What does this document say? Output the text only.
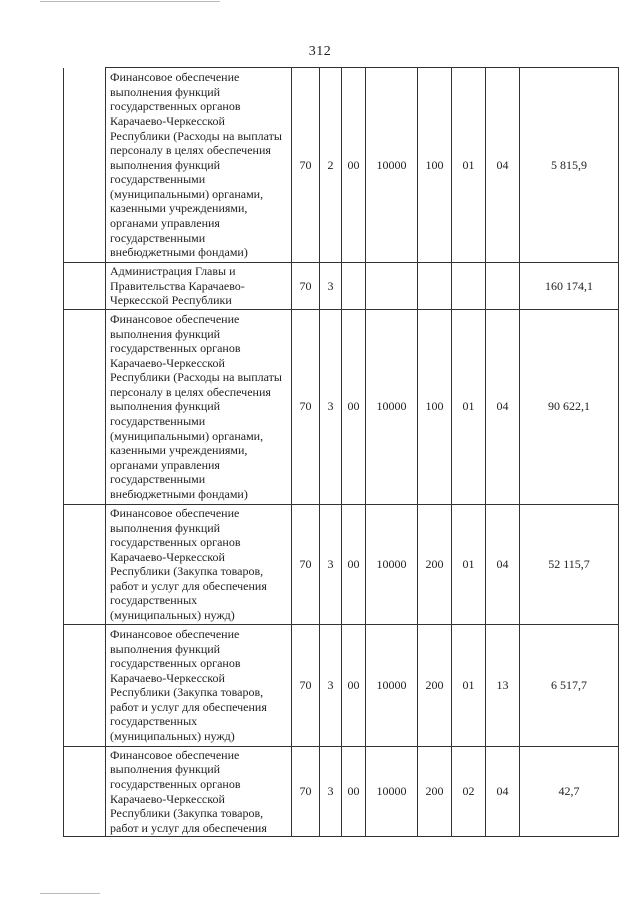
312
	Финансовое обеспечение выполнения функций государственных органов Карачаево-Черкесской Республики (Расходы на выплаты персоналу в целях обеспечения выполнения функций государственными (муниципальными) органами, казенными учреждениями, органами управления государственными внебюджетными фондами)	70	2	00	10000	100	01	04	5 815,9
	Администрация Главы и Правительства Карачаево-Черкесской Республики	70	3						160 174,1
	Финансовое обеспечение выполнения функций государственных органов Карачаево-Черкесской Республики (Расходы на выплаты персоналу в целях обеспечения выполнения функций государственными (муниципальными) органами, казенными учреждениями, органами управления государственными внебюджетными фондами)	70	3	00	10000	100	01	04	90 622,1
	Финансовое обеспечение выполнения функций государственных органов Карачаево-Черкесской Республики (Закупка товаров, работ и услуг для обеспечения государственных (муниципальных) нужд)	70	3	00	10000	200	01	04	52 115,7
	Финансовое обеспечение выполнения функций государственных органов Карачаево-Черкесской Республики (Закупка товаров, работ и услуг для обеспечения государственных (муниципальных) нужд)	70	3	00	10000	200	01	13	6 517,7
	Финансовое обеспечение выполнения функций государственных органов Карачаево-Черкесской Республики (Закупка товаров, работ и услуг для обеспечения	70	3	00	10000	200	02	04	42,7
